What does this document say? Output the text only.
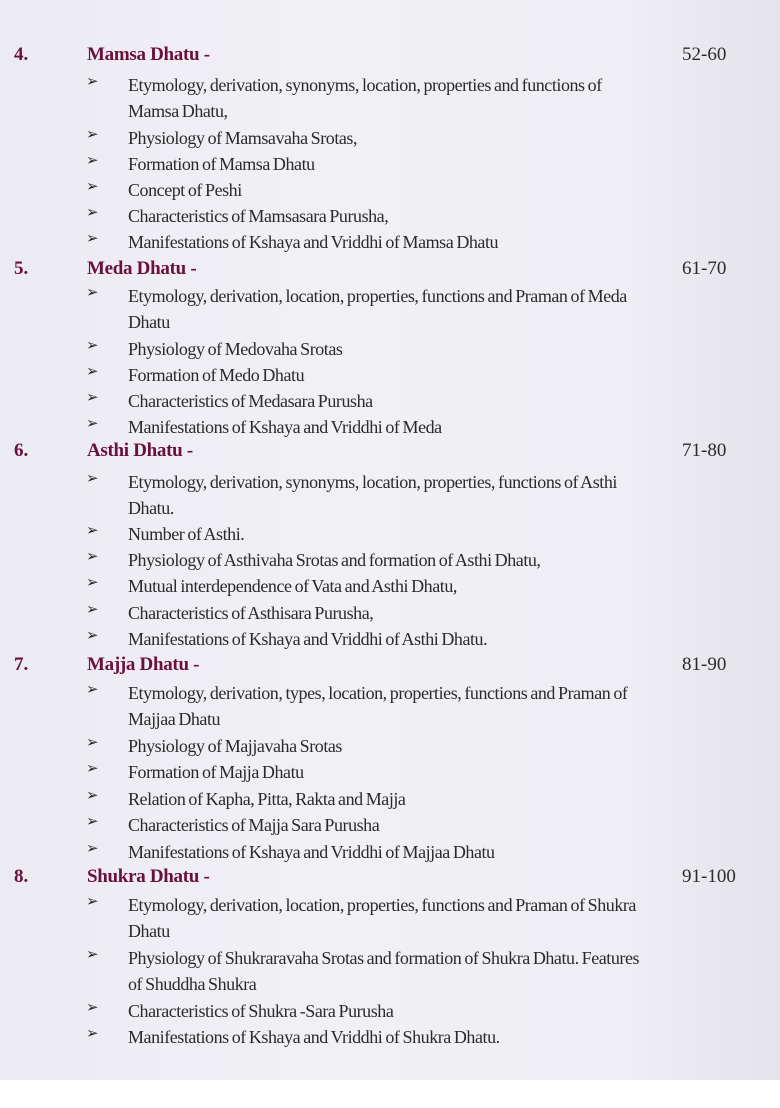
4.	Mamsa Dhatu -	52-60
➢ Etymology, derivation, synonyms, location, properties and functions of Mamsa Dhatu,
➢ Physiology of Mamsavaha Srotas,
➢ Formation of Mamsa Dhatu
➢ Concept of Peshi
➢ Characteristics of Mamsasara Purusha,
➢ Manifestations of Kshaya and Vriddhi of Mamsa Dhatu
5.	Meda Dhatu -	61-70
➢ Etymology, derivation, location, properties, functions and Praman of Meda Dhatu
➢ Physiology of Medovaha Srotas
➢ Formation of Medo Dhatu
➢ Characteristics of Medasara Purusha
➢ Manifestations of Kshaya and Vriddhi of Meda
6.	Asthi Dhatu -	71-80
➢ Etymology, derivation, synonyms, location, properties, functions of Asthi Dhatu.
➢ Number of Asthi.
➢ Physiology of Asthivaha Srotas and formation of Asthi Dhatu,
➢ Mutual interdependence of Vata and Asthi Dhatu,
➢ Characteristics of Asthisara Purusha,
➢ Manifestations of Kshaya and Vriddhi of Asthi Dhatu.
7.	Majja Dhatu -	81-90
➢ Etymology, derivation, types, location, properties, functions and Praman of Majjaa Dhatu
➢ Physiology of Majjavaha Srotas
➢ Formation of Majja Dhatu
➢ Relation of Kapha, Pitta, Rakta and Majja
➢ Characteristics of Majja Sara Purusha
➢ Manifestations of Kshaya and Vriddhi of Majjaa Dhatu
8.	Shukra Dhatu -	91-100
➢ Etymology, derivation, location, properties, functions and Praman of Shukra Dhatu
➢ Physiology of Shukraravaha Srotas and formation of Shukra Dhatu. Features of Shuddha Shukra
➢ Characteristics of Shukra -Sara Purusha
➢ Manifestations of Kshaya and Vriddhi of Shukra Dhatu.
